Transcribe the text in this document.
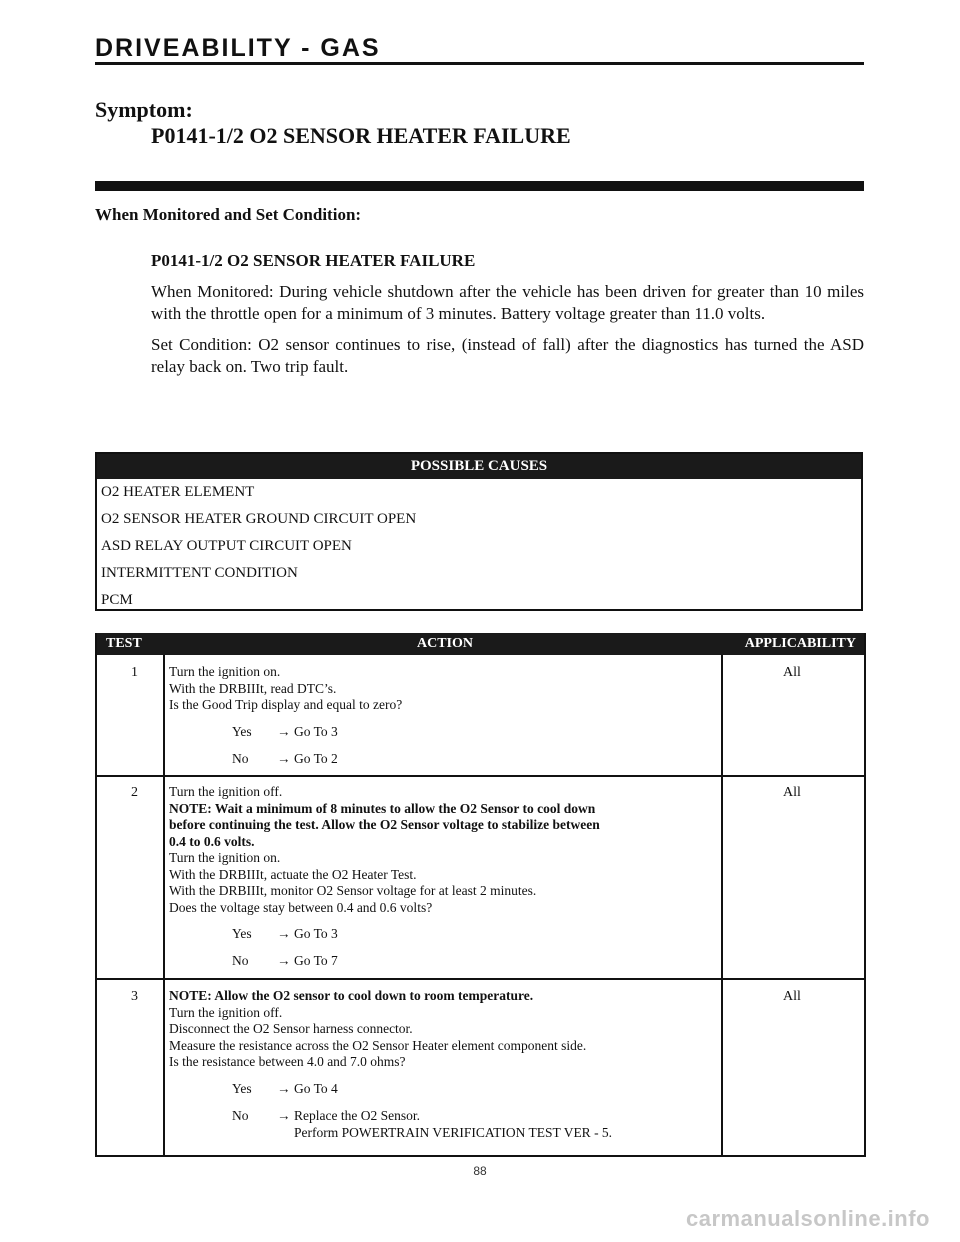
DRIVEABILITY - GAS
Symptom:
P0141-1/2 O2 SENSOR HEATER FAILURE
When Monitored and Set Condition:
P0141-1/2 O2 SENSOR HEATER FAILURE

When Monitored: During vehicle shutdown after the vehicle has been driven for greater than 10 miles with the throttle open for a minimum of 3 minutes. Battery voltage greater than 11.0 volts.

Set Condition: O2 sensor continues to rise, (instead of fall) after the diagnostics has turned the ASD relay back on. Two trip fault.

POSSIBLE CAUSES
O2 HEATER ELEMENT
O2 SENSOR HEATER GROUND CIRCUIT OPEN
ASD RELAY OUTPUT CIRCUIT OPEN
INTERMITTENT CONDITION
PCM
TEST	ACTION	APPLICABILITY
1 Turn the ignition on.
With the DRBIIIt, read DTC’s.
Is the Good Trip display and equal to zero?
Yes → Go To 3
No → Go To 2
All
2 Turn the ignition off.
NOTE: Wait a minimum of 8 minutes to allow the O2 Sensor to cool down
before continuing the test. Allow the O2 Sensor voltage to stabilize between
0.4 to 0.6 volts.
Turn the ignition on.
With the DRBIIIt, actuate the O2 Heater Test.
With the DRBIIIt, monitor O2 Sensor voltage for at least 2 minutes.
Does the voltage stay between 0.4 and 0.6 volts?
Yes → Go To 3
No → Go To 7
All
3 NOTE: Allow the O2 sensor to cool down to room temperature.
Turn the ignition off.
Disconnect the O2 Sensor harness connector.
Measure the resistance across the O2 Sensor Heater element component side.
Is the resistance between 4.0 and 7.0 ohms?
Yes → Go To 4
No → Replace the O2 Sensor.
Perform POWERTRAIN VERIFICATION TEST VER - 5.
All
88
carmanualsonline.info
